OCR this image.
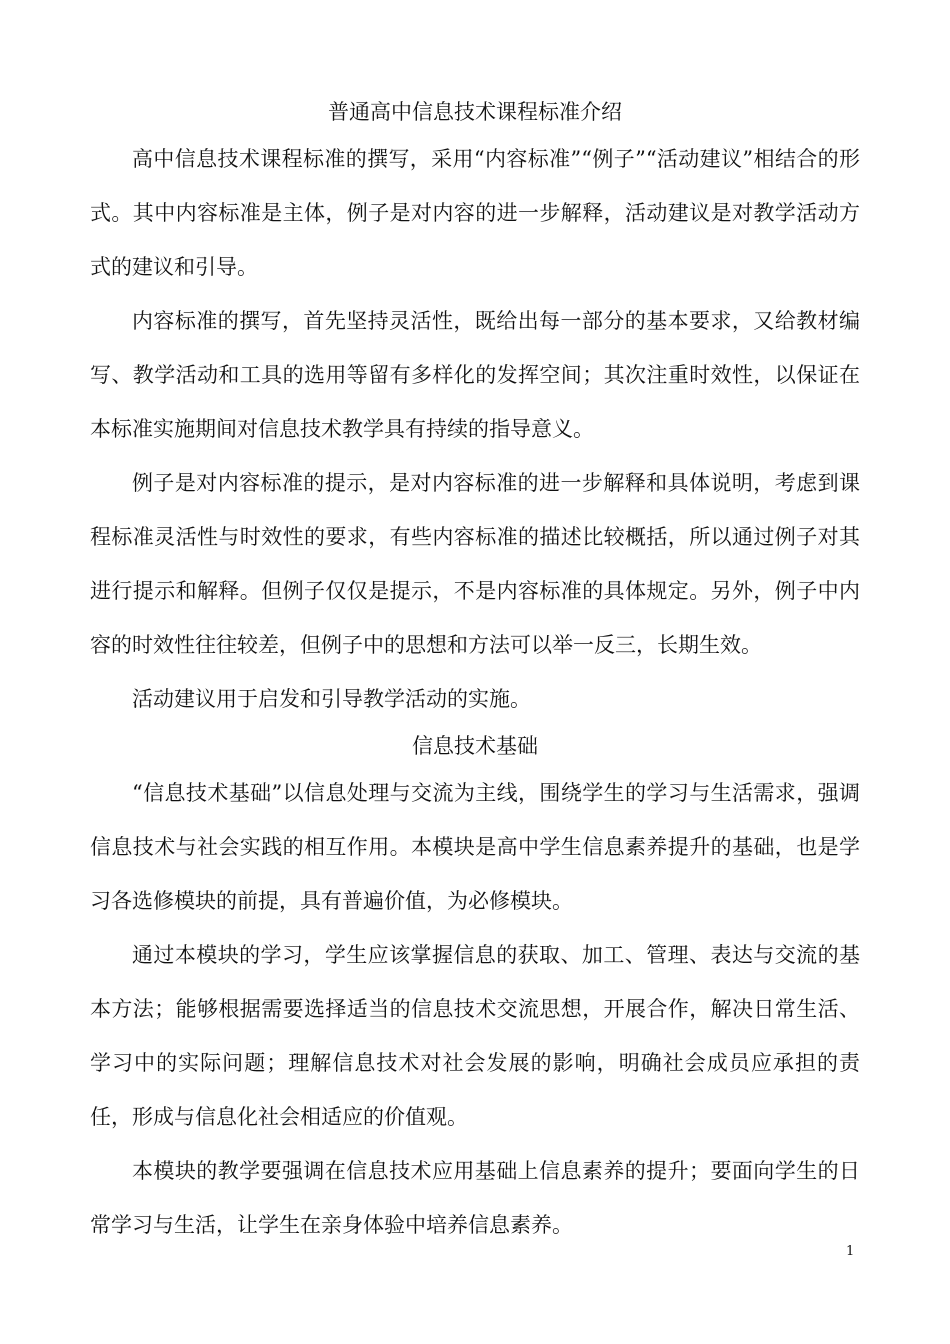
普通高中信息技术课程标准介绍

高中信息技术课程标准的撰写，采用“内容标准”“例子”“活动建议”相结合的形式。其中内容标准是主体，例子是对内容的进一步解释，活动建议是对教学活动方式的建议和引导。

内容标准的撰写，首先坚持灵活性，既给出每一部分的基本要求，又给教材编写、教学活动和工具的选用等留有多样化的发挥空间；其次注重时效性，以保证在本标准实施期间对信息技术教学具有持续的指导意义。

例子是对内容标准的提示，是对内容标准的进一步解释和具体说明，考虑到课程标准灵活性与时效性的要求，有些内容标准的描述比较概括，所以通过例子对其进行提示和解释。但例子仅仅是提示，不是内容标准的具体规定。另外，例子中内容的时效性往往较差，但例子中的思想和方法可以举一反三，长期生效。

活动建议用于启发和引导教学活动的实施。

信息技术基础

“信息技术基础”以信息处理与交流为主线，围绕学生的学习与生活需求，强调信息技术与社会实践的相互作用。本模块是高中学生信息素养提升的基础，也是学习各选修模块的前提，具有普遍价值，为必修模块。

通过本模块的学习，学生应该掌握信息的获取、加工、管理、表达与交流的基本方法；能够根据需要选择适当的信息技术交流思想，开展合作，解决日常生活、学习中的实际问题；理解信息技术对社会发展的影响，明确社会成员应承担的责任，形成与信息化社会相适应的价值观。

本模块的教学要强调在信息技术应用基础上信息素养的提升；要面向学生的日常学习与生活，让学生在亲身体验中培养信息素养。

1
